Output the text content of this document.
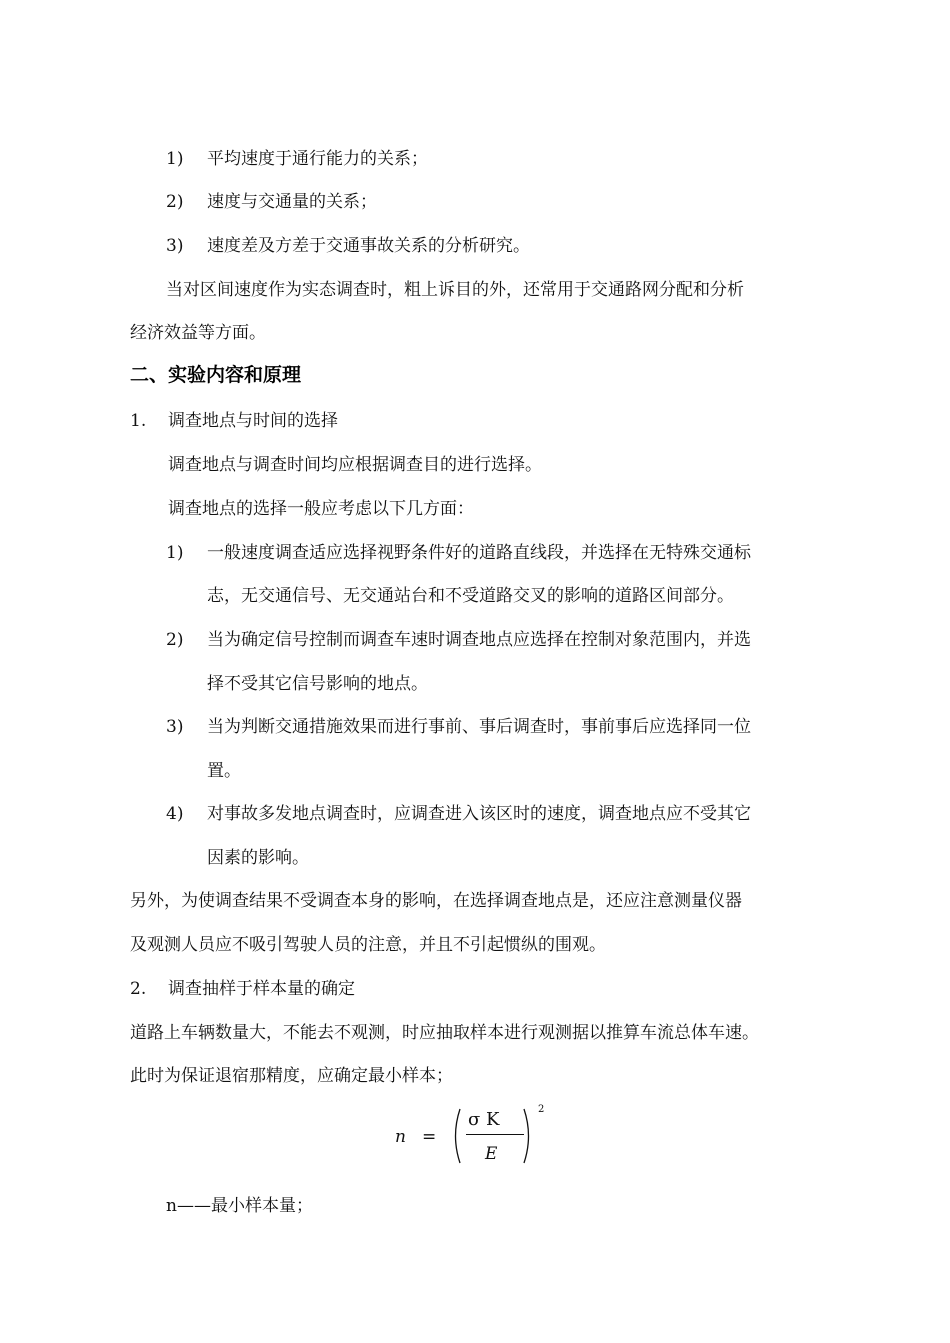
1) 平均速度于通行能力的关系；
2) 速度与交通量的关系；
3) 速度差及方差于交通事故关系的分析研究。
当对区间速度作为实态调查时，粗上诉目的外，还常用于交通路网分配和分析
经济效益等方面。
二、实验内容和原理
1. 调查地点与时间的选择
调查地点与调查时间均应根据调查目的进行选择。
调查地点的选择一般应考虑以下几方面：
1) 一般速度调查适应选择视野条件好的道路直线段，并选择在无特殊交通标
志，无交通信号、无交通站台和不受道路交叉的影响的道路区间部分。
2) 当为确定信号控制而调查车速时调查地点应选择在控制对象范围内，并选
择不受其它信号影响的地点。
3) 当为判断交通措施效果而进行事前、事后调查时，事前事后应选择同一位
置。
4) 对事故多发地点调查时，应调查进入该区时的速度，调查地点应不受其它
因素的影响。
另外，为使调查结果不受调查本身的影响，在选择调查地点是，还应注意测量仪器
及观测人员应不吸引驾驶人员的注意，并且不引起惯纵的围观。
2. 调查抽样于样本量的确定
道路上车辆数量大，不能去不观测，时应抽取样本进行观测据以推算车流总体车速。
此时为保证退宿那精度，应确定最小样本；
n =
σ K
E
2
n——最小样本量；
